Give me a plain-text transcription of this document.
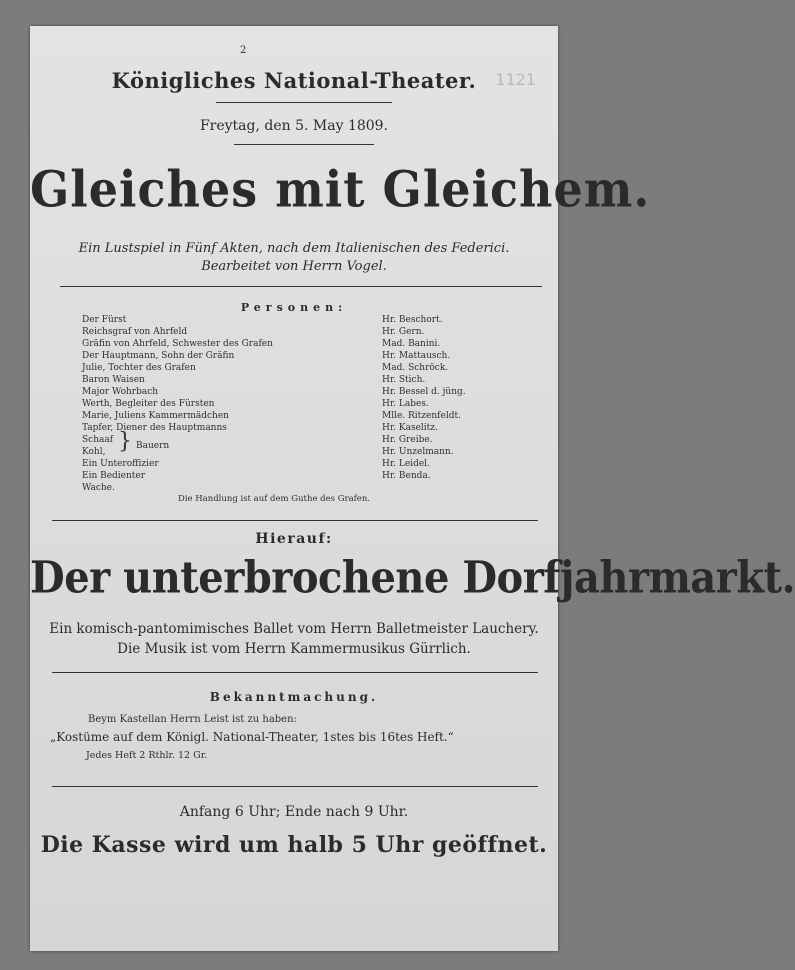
2
1121
Königliches National-Theater.
Freytag, den 5. May 1809.
Gleiches mit Gleichem.
Ein Lustspiel in Fünf Akten, nach dem Italienischen des Federici.
Bearbeitet von Herrn Vogel.
Personen:
Der Fürst	Hr. Beschort.
Reichsgraf von Ahrfeld	Hr. Gern.
Gräfin von Ahrfeld, Schwester des Grafen	Mad. Banini.
Der Hauptmann, Sohn der Gräfin	Hr. Mattausch.
Julie, Tochter des Grafen	Mad. Schröck.
Baron Waisen	Hr. Stich.
Major Wohrbach	Hr. Bessel d. jüng.
Werth, Begleiter des Fürsten	Hr. Labes.
Marie, Juliens Kammermädchen	Mlle. Ritzenfeldt.
Tapfer, Diener des Hauptmanns	Hr. Kaselitz.
Schaaf	Hr. Greibe.
Kohl,	Hr. Unzelmann.
Ein Unteroffizier	Hr. Leidel.
Ein Bedienter	Hr. Benda.
Wache.
} Bauern
Die Handlung ist auf dem Guthe des Grafen.
Hierauf:
Der unterbrochene Dorfjahrmarkt.
Ein komisch-pantomimisches Ballet vom Herrn Balletmeister Lauchery.
Die Musik ist vom Herrn Kammermusikus Gürrlich.
Bekanntmachung.
Beym Kastellan Herrn Leist ist zu haben:
„Kostüme auf dem Königl. National-Theater, 1stes bis 16tes Heft.“
Jedes Heft 2 Rthlr. 12 Gr.
Anfang 6 Uhr; Ende nach 9 Uhr.
Die Kasse wird um halb 5 Uhr geöffnet.
